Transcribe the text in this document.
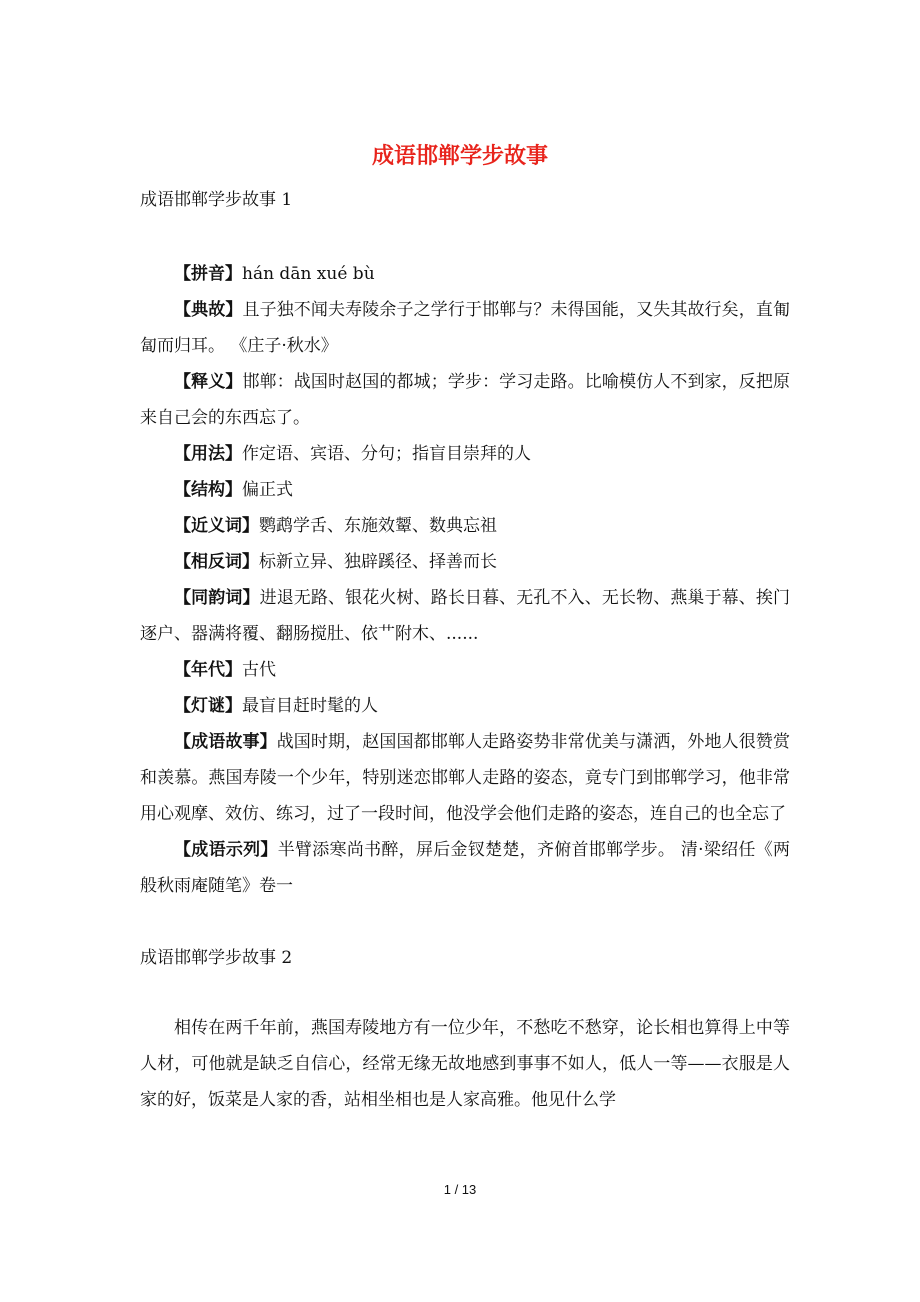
成语邯郸学步故事
成语邯郸学步故事 1

【拼音】hán dān xué bù

【典故】且子独不闻夫寿陵余子之学行于邯郸与？未得国能，又失其故行矣，直匍匐而归耳。 《庄子·秋水》

【释义】邯郸：战国时赵国的都城；学步：学习走路。比喻模仿人不到家，反把原来自己会的东西忘了。

【用法】作定语、宾语、分句；指盲目崇拜的人

【结构】偏正式

【近义词】鹦鹉学舌、东施效颦、数典忘祖

【相反词】标新立异、独辟蹊径、择善而长

【同韵词】进退无路、银花火树、路长日暮、无孔不入、无长物、燕巢于幕、挨门逐户、器满将覆、翻肠搅肚、依艹附木、......

【年代】古代

【灯谜】最盲目赶时髦的人

【成语故事】战国时期，赵国国都邯郸人走路姿势非常优美与潇洒，外地人很赞赏和羡慕。燕国寿陵一个少年，特别迷恋邯郸人走路的姿态，竟专门到邯郸学习，他非常用心观摩、效仿、练习，过了一段时间，他没学会他们走路的姿态，连自己的也全忘了

【成语示列】半臂添寒尚书醉，屏后金钗楚楚，齐俯首邯郸学步。 清·梁绍任《两般秋雨庵随笔》卷一

成语邯郸学步故事 2

相传在两千年前，燕国寿陵地方有一位少年，不愁吃不愁穿，论长相也算得上中等人材，可他就是缺乏自信心，经常无缘无故地感到事事不如人，低人一等——衣服是人家的好，饭菜是人家的香，站相坐相也是人家高雅。他见什么学

1 / 13
